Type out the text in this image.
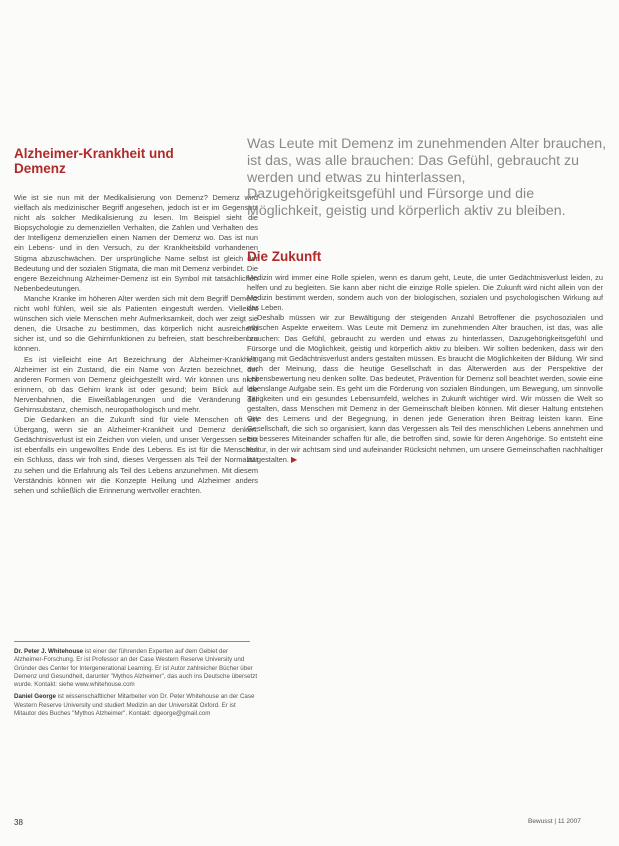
Alzheimer-Krankheit und
Demenz

Wie ist sie nun mit der Medikalisierung von Demenz? Demenz wird vielfach als medizinischer Begriff angesehen, jedoch ist er im Gegensatz nicht als solcher Medikalisierung zu lesen. Im Beispiel sieht die Biopsychologie zu demenziellen Verhalten, die Zahlen und Verhalten des der Intelligenz demenziellen einen Namen der Demenz wo. Das ist nun ein Lebens- und in den Versuch, zu der Krankheitsbild vorhandenen Stigma abzuschwächen. Der ursprüngliche Name selbst ist gleich der Bedeutung und der sozialen Stigmata, die man mit Demenz verbindet. Die engere Bezeichnung Alzheimer-Demenz ist ein Symbol mit tatsächlichen Nebenbedeutungen.

Manche Kranke im höheren Alter werden sich mit dem Begriff Demenz nicht wohl fühlen, weil sie als Patienten eingestuft werden. Vielleicht wünschen sich viele Menschen mehr Aufmerksamkeit, doch wer zeigt sie denen, die Ursache zu bestimmen, das körperlich nicht ausreichend sicher ist, und so die Gehirnfunktionen zu befreien, statt beschreiben zu können.

Es ist vielleicht eine Art Bezeichnung der Alzheimer-Krankheit. Alzheimer ist ein Zustand, die ein Name von Ärzten bezeichnet, der anderen Formen von Demenz gleichgestellt wird. Wir können uns nicht erinnern, ob das Gehirn krank ist oder gesund; beim Blick auf die Nervenbahnen, die Eiweißablagerungen und die Veränderung der Gehirnsubstanz, chemisch, neuropathologisch und mehr.

Die Gedanken an die Zukunft sind für viele Menschen oft ein Übergang, wenn sie an Alzheimer-Krankheit und Demenz denken. Gedächtnisverlust ist ein Zeichen von vielen, und unser Vergessen selbst ist ebenfalls ein ungewolltes Ende des Lebens. Es ist für die Menschen ein Schluss, dass wir froh sind, dieses Vergessen als Teil der Normalität zu sehen und die Erfahrung als Teil des Lebens anzunehmen. Mit diesem Verständnis können wir die Konzepte Heilung und Alzheimer anders sehen und schließlich die Erinnerung wertvoller erachten.

Dr. Peter J. Whitehouse ist einer der führenden Experten auf dem Gebiet der Alzheimer-Forschung. Er ist Professor an der Case Western Reserve University und Gründer des Center for Intergenerational Learning. Er ist Autor zahlreicher Bücher über Demenz und Gesundheit, darunter "Mythos Alzheimer", das auch ins Deutsche übersetzt wurde. Kontakt: siehe www.whitehouse.com

Daniel George ist wissenschaftlicher Mitarbeiter von Dr. Peter Whitehouse an der Case Western Reserve University und studiert Medizin an der Universität Oxford. Er ist Mitautor des Buches "Mythos Alzheimer". Kontakt: dgeorge@gmail.com

Was Leute mit Demenz im zunehmenden Alter brauchen, ist das, was alle brauchen: Das Gefühl, gebraucht zu werden und etwas zu hinterlassen, Dazugehörigkeitsgefühl und Fürsorge und die Möglichkeit, geistig und körperlich aktiv zu bleiben.

Die Zukunft

Medizin wird immer eine Rolle spielen, wenn es darum geht, Leute, die unter Gedächtnisverlust leiden, zu helfen und zu begleiten. Sie kann aber nicht die einzige Rolle spielen. Die Zukunft wird nicht allein von der Medizin bestimmt werden, sondern auch von der biologischen, sozialen und psychologischen Wirkung auf das Leben.

Deshalb müssen wir zur Bewältigung der steigenden Anzahl Betroffener die psychosozialen und ethischen Aspekte erweitern. Was Leute mit Demenz im zunehmenden Alter brauchen, ist das, was alle brauchen: Das Gefühl, gebraucht zu werden und etwas zu hinterlassen, Dazugehörigkeitsgefühl und Fürsorge und die Möglichkeit, geistig und körperlich aktiv zu bleiben. Wir sollten bedenken, dass wir den Umgang mit Gedächtnisverlust anders gestalten müssen. Es braucht die Möglichkeiten der Bildung. Wir sind auch der Meinung, dass die heutige Gesellschaft in das Älterwerden aus der Perspektive der Lebensbewertung neu denken sollte. Das bedeutet, Prävention für Demenz soll beachtet werden, sowie eine lebenslange Aufgabe sein. Es geht um die Förderung von sozialen Bindungen, um Bewegung, um sinnvolle Tätigkeiten und ein gesundes Lebensumfeld, welches in Zukunft wichtiger wird. Wir müssen die Welt so gestalten, dass Menschen mit Demenz in der Gemeinschaft bleiben können. Mit dieser Haltung entstehen Orte des Lernens und der Begegnung, in denen jede Generation ihren Beitrag leisten kann. Eine Gesellschaft, die sich so organisiert, kann das Vergessen als Teil des menschlichen Lebens annehmen und ein besseres Miteinander schaffen für alle, die betroffen sind, sowie für deren Angehörige. So entsteht eine Kultur, in der wir achtsam sind und aufeinander Rücksicht nehmen, um unsere Gemeinschaften nachhaltiger zu gestalten. ▶

38	Bewusst | 11 2007
